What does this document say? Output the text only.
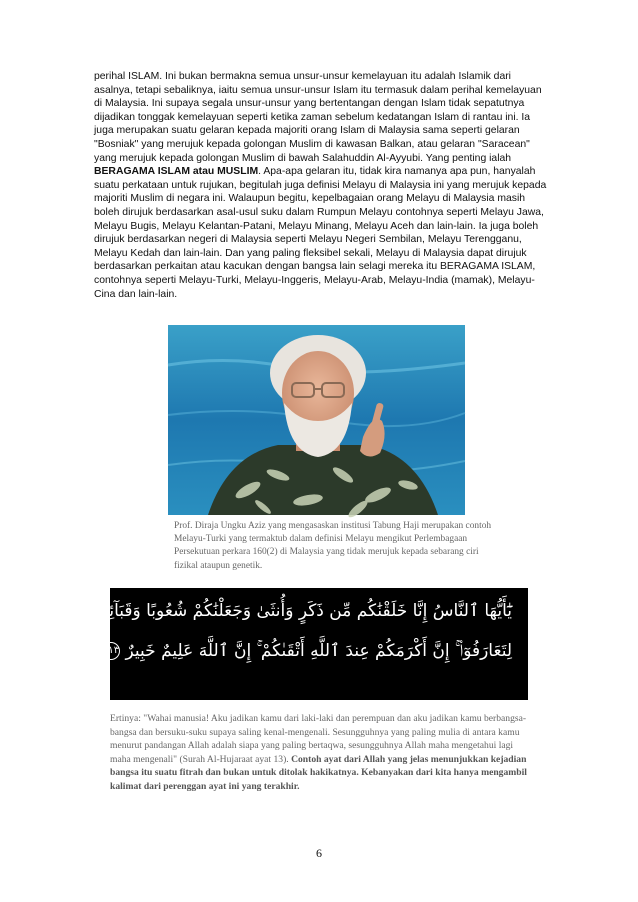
perihal ISLAM. Ini bukan bermakna semua unsur-unsur kemelayuan itu adalah Islamik dari asalnya, tetapi sebaliknya, iaitu semua unsur-unsur Islam itu termasuk dalam perihal kemelayuan di Malaysia. Ini supaya segala unsur-unsur yang bertentangan dengan Islam tidak sepatutnya dijadikan tonggak kemelayuan seperti ketika zaman sebelum kedatangan Islam di rantau ini. Ia juga merupakan suatu gelaran kepada majoriti orang Islam di Malaysia sama seperti gelaran "Bosniak" yang merujuk kepada golongan Muslim di kawasan Balkan, atau gelaran "Saracean" yang merujuk kepada golongan Muslim di bawah Salahuddin Al-Ayyubi. Yang penting ialah BERAGAMA ISLAM atau MUSLIM. Apa-apa gelaran itu, tidak kira namanya apa pun, hanyalah suatu perkataan untuk rujukan, begitulah juga definisi Melayu di Malaysia ini yang merujuk kepada majoriti Muslim di negara ini. Walaupun begitu, kepelbagaian orang Melayu di Malaysia masih boleh dirujuk berdasarkan asal-usul suku dalam Rumpun Melayu contohnya seperti Melayu Jawa, Melayu Bugis, Melayu Kelantan-Patani, Melayu Minang, Melayu Aceh dan lain-lain. Ia juga boleh dirujuk berdasarkan negeri di Malaysia seperti Melayu Negeri Sembilan, Melayu Terengganu, Melayu Kedah dan lain-lain. Dan yang paling fleksibel sekali, Melayu di Malaysia dapat dirujuk berdasarkan perkaitan atau kacukan dengan bangsa lain selagi mereka itu BERAGAMA ISLAM, contohnya seperti Melayu-Turki, Melayu-Inggeris, Melayu-Arab, Melayu-India (mamak), Melayu-Cina dan lain-lain.

Prof. Diraja Ungku Aziz yang mengasaskan institusi Tabung Haji merupakan contoh Melayu-Turki yang termaktub dalam definisi Melayu mengikut Perlembagaan Persekutuan perkara 160(2) di Malaysia yang tidak merujuk kepada sebarang ciri fizikal ataupun genetik.

يَٰٓأَيُّهَا ٱلنَّاسُ إِنَّا خَلَقْنَٰكُم مِّن ذَكَرٍ وَأُنثَىٰ وَجَعَلْنَٰكُمْ شُعُوبًا وَقَبَآئِلَ
لِتَعَارَفُوٓا۟ ۚ إِنَّ أَكْرَمَكُمْ عِندَ ٱللَّهِ أَتْقَىٰكُمْ ۚ إِنَّ ٱللَّهَ عَلِيمٌ خَبِيرٌ ١٣

Ertinya: "Wahai manusia! Aku jadikan kamu dari laki-laki dan perempuan dan aku jadikan kamu berbangsa-bangsa dan bersuku-suku supaya saling kenal-mengenali. Sesungguhnya yang paling mulia di antara kamu menurut pandangan Allah adalah siapa yang paling bertaqwa, sesungguhnya Allah maha mengetahui lagi maha mengenali" (Surah Al-Hujaraat ayat 13). Contoh ayat dari Allah yang jelas menunjukkan kejadian bangsa itu suatu fitrah dan bukan untuk ditolak hakikatnya. Kebanyakan dari kita hanya mengambil kalimat dari perenggan ayat ini yang terakhir.

6
